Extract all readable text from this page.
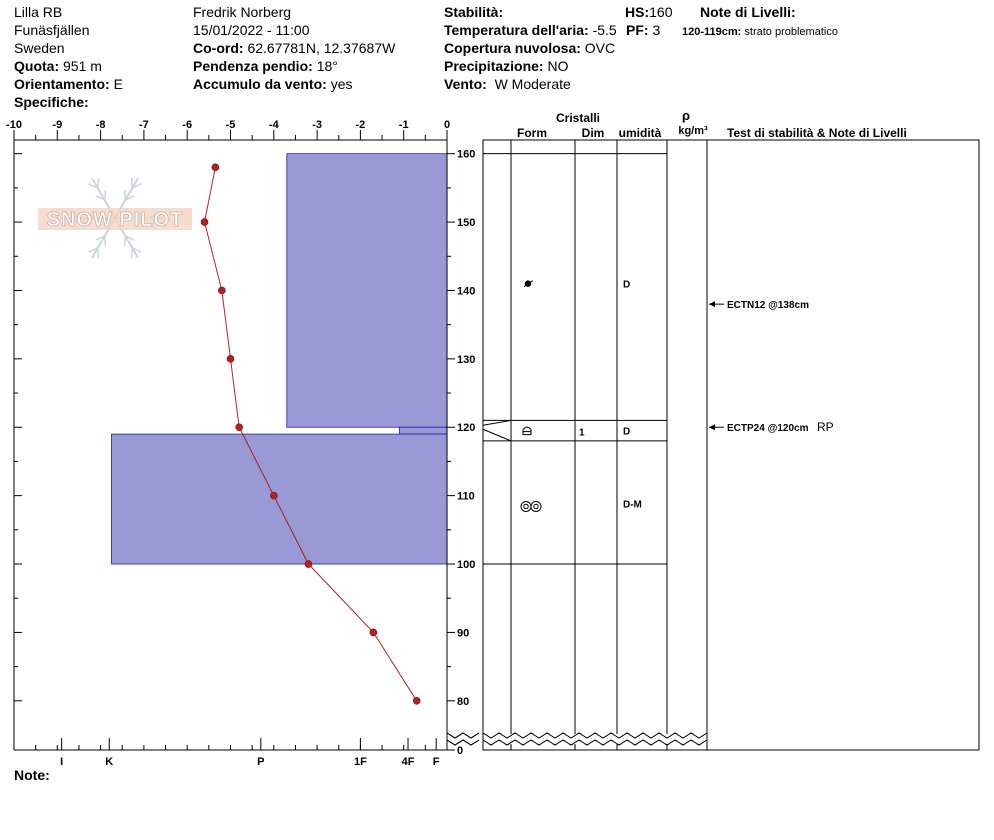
Lilla RB
Funäsfjällen
Sweden
Quota: 951 m
Orientamento: E
Specifiche:
Fredrik Norberg
15/01/2022 - 11:00
Co-ord: 62.67781N, 12.37687W
Pendenza pendio: 18°
Accumulo da vento: yes
Stabilità:
Temperatura dell'aria: -5.5
Copertura nuvolosa: OVC
Precipitazione: NO
Vento: W Moderate
HS:160
PF: 3
Note di Livelli:
120-119cm: strato problematico
Note:
SNOW PILOT
-10	-9	-8	-7	-6	-5	-4	-3	-2	-1	0
160
150
140
130
120
110
100
90
80
0
I	K	P	1F	4F F
Cristalli
Form	Dim umidità
ρ
kg/m³ Test di stabilità & Note di Livelli
D
1	D
D-M
ECTN12 @138cm
ECTP24 @120cm RP
